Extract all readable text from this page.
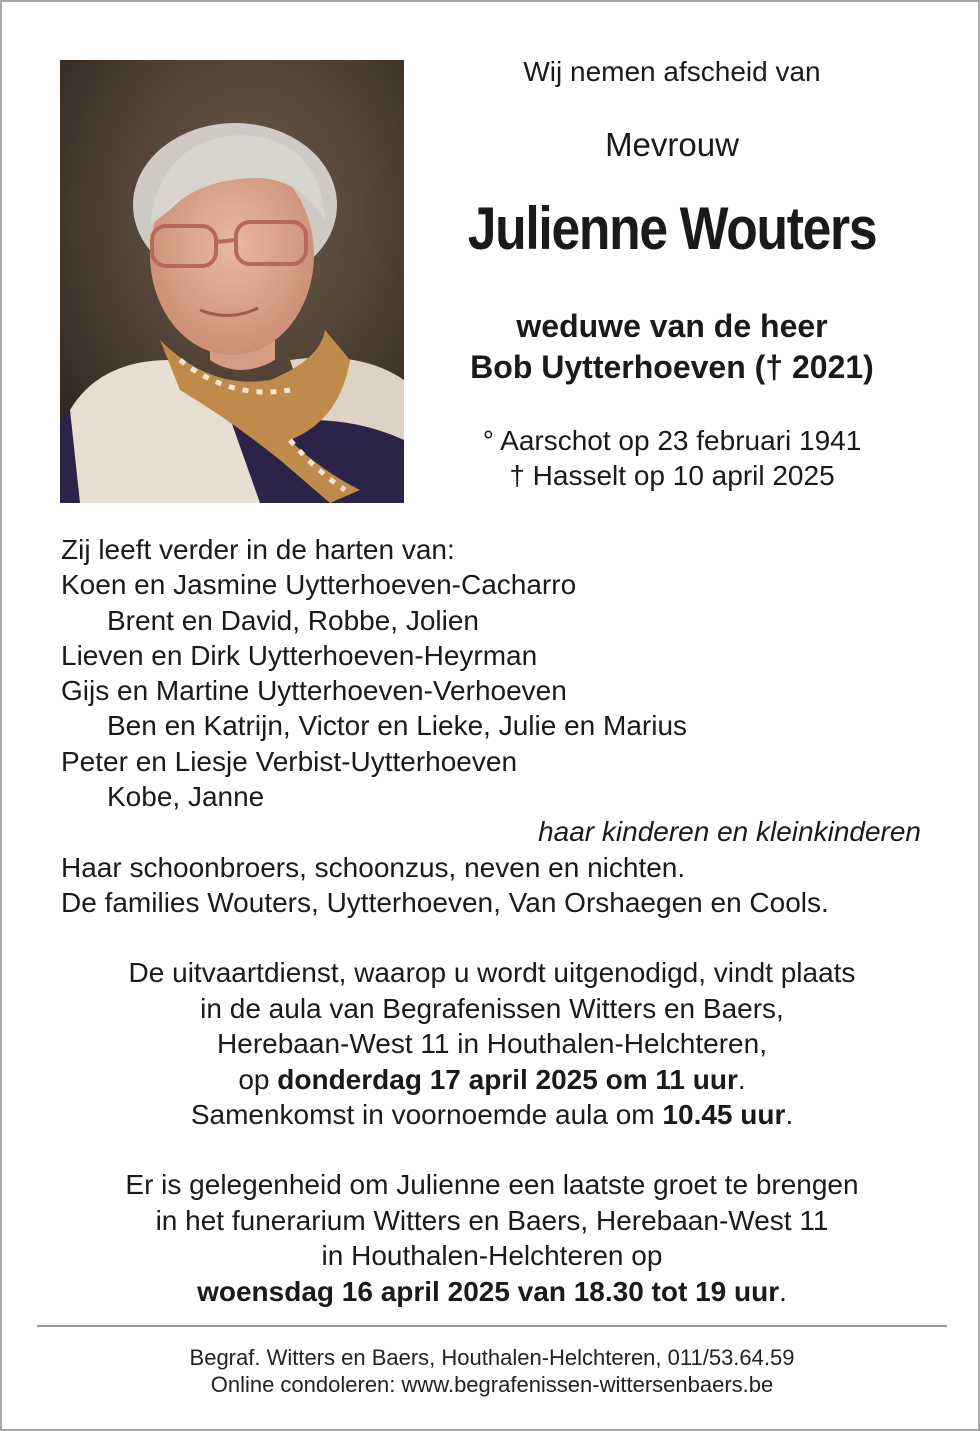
Wij nemen afscheid van
Mevrouw
Julienne Wouters
weduwe van de heer
Bob Uytterhoeven († 2021)
° Aarschot op 23 februari 1941
† Hasselt op 10 april 2025
Zij leeft verder in de harten van:
Koen en Jasmine Uytterhoeven-Cacharro
Brent en David, Robbe, Jolien
Lieven en Dirk Uytterhoeven-Heyrman
Gijs en Martine Uytterhoeven-Verhoeven
Ben en Katrijn, Victor en Lieke, Julie en Marius
Peter en Liesje Verbist-Uytterhoeven
Kobe, Janne
haar kinderen en kleinkinderen
Haar schoonbroers, schoonzus, neven en nichten.
De families Wouters, Uytterhoeven, Van Orshaegen en Cools.
De uitvaartdienst, waarop u wordt uitgenodigd, vindt plaats
in de aula van Begrafenissen Witters en Baers,
Herebaan-West 11 in Houthalen-Helchteren,
op donderdag 17 april 2025 om 11 uur.
Samenkomst in voornoemde aula om 10.45 uur.
Er is gelegenheid om Julienne een laatste groet te brengen
in het funerarium Witters en Baers, Herebaan-West 11
in Houthalen-Helchteren op
woensdag 16 april 2025 van 18.30 tot 19 uur.
Begraf. Witters en Baers, Houthalen-Helchteren, 011/53.64.59
Online condoleren: www.begrafenissen-wittersenbaers.be
